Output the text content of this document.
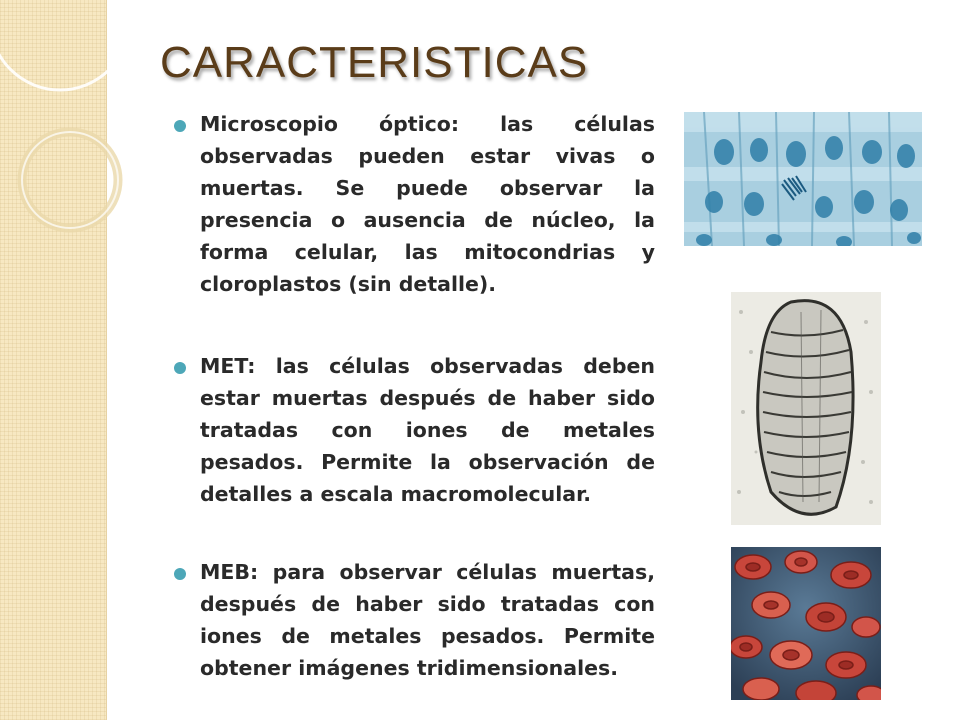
CARACTERISTICAS

Microscopio óptico: las células observadas pueden estar vivas o muertas. Se puede observar la presencia o ausencia de núcleo, la forma celular, las mitocondrias y cloroplastos (sin detalle).

MET: las células observadas deben estar muertas después de haber sido tratadas con iones de metales pesados. Permite la observación de detalles a escala macromolecular.

MEB: para observar células muertas, después de haber sido tratadas con iones de metales pesados. Permite obtener imágenes tridimensionales.
